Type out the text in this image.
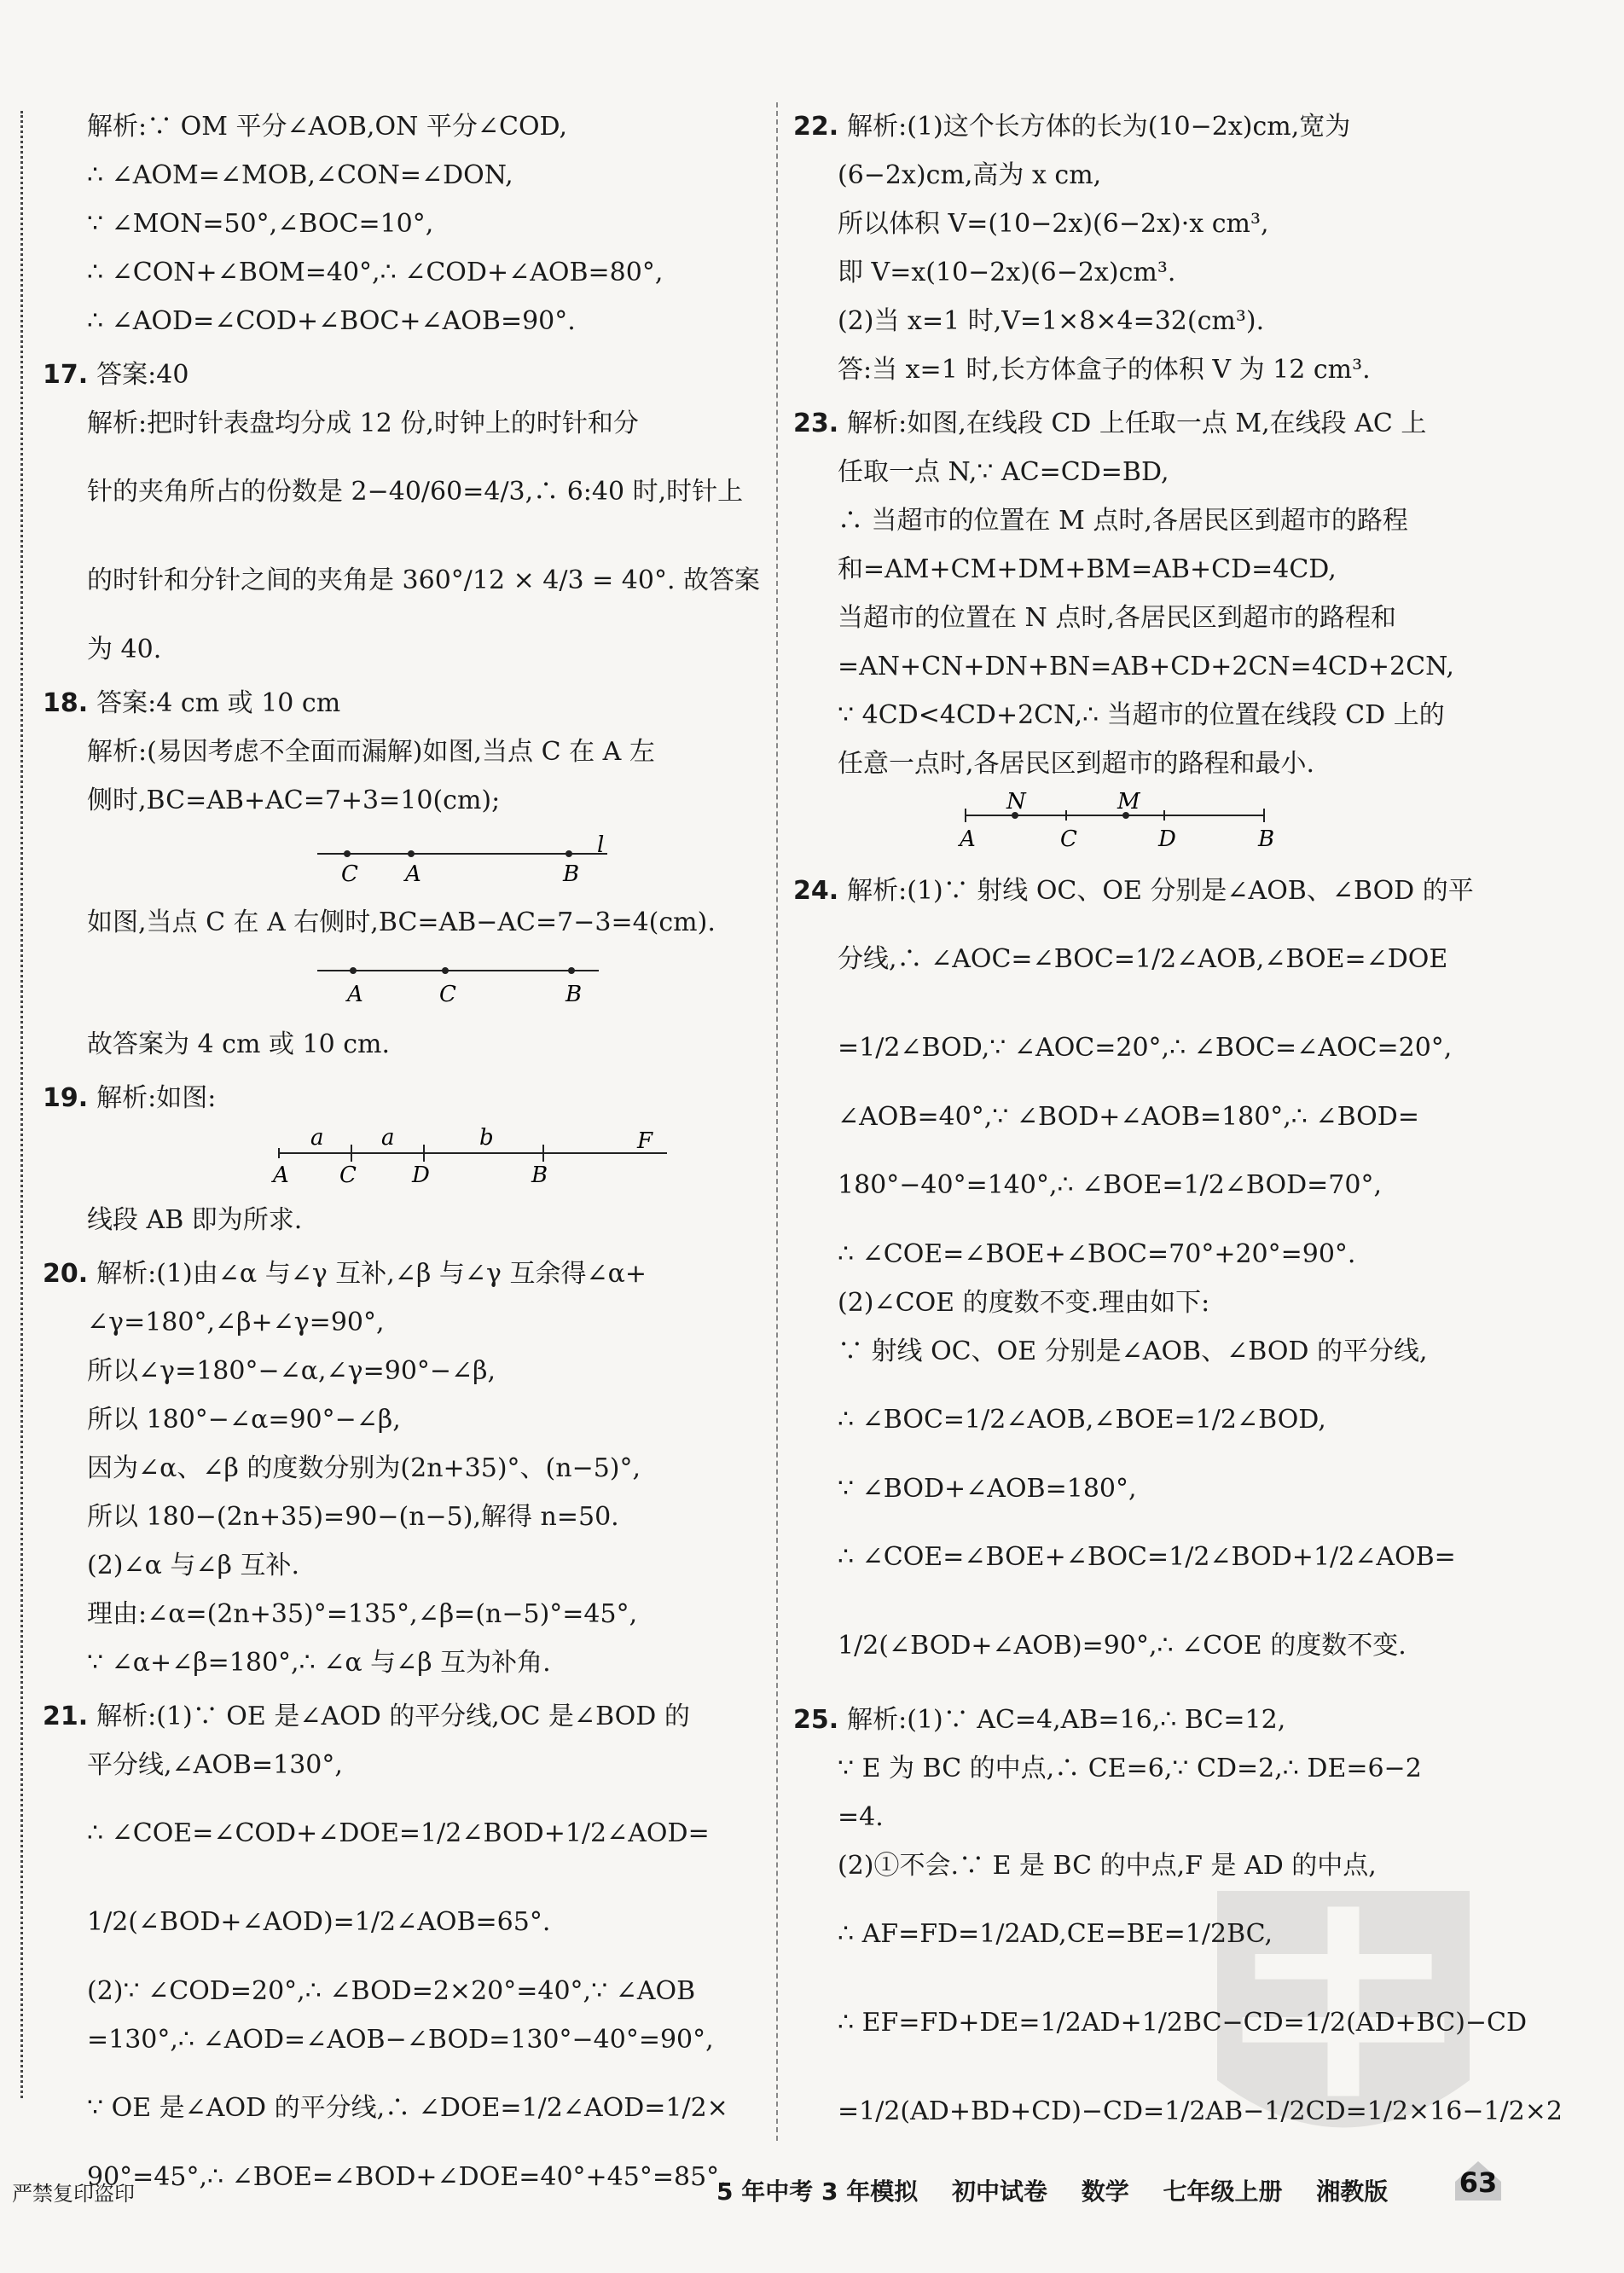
解析:∵ OM 平分∠AOB,ON 平分∠COD,
∴ ∠AOM=∠MOB,∠CON=∠DON,
∵ ∠MON=50°,∠BOC=10°,
∴ ∠CON+∠BOM=40°,∴ ∠COD+∠AOB=80°,
∴ ∠AOD=∠COD+∠BOC+∠AOB=90°.
17. 答案:40
解析:把时针表盘均分成 12 份,时钟上的时针和分
针的夹角所占的份数是 2−40/60=4/3,∴ 6:40 时,时针上
的时针和分针之间的夹角是 360°/12 × 4/3 = 40°. 故答案
为 40.
18. 答案:4 cm 或 10 cm
解析:(易因考虑不全面而漏解)如图,当点 C 在 A 左
侧时,BC=AB+AC=7+3=10(cm);
C A	B
l
如图,当点 C 在 A 右侧时,BC=AB−AC=7−3=4(cm).
A	C	B
故答案为 4 cm 或 10 cm.
19. 解析:如图:
a	a	b	F
A C	D	B
线段 AB 即为所求.
20. 解析:(1)由∠α 与∠γ 互补,∠β 与∠γ 互余得∠α+
∠γ=180°,∠β+∠γ=90°,
所以∠γ=180°−∠α,∠γ=90°−∠β,
所以 180°−∠α=90°−∠β,
因为∠α、∠β 的度数分别为(2n+35)°、(n−5)°,
所以 180−(2n+35)=90−(n−5),解得 n=50.
(2)∠α 与∠β 互补.
理由:∠α=(2n+35)°=135°,∠β=(n−5)°=45°,
∵ ∠α+∠β=180°,∴ ∠α 与∠β 互为补角.
21. 解析:(1)∵ OE 是∠AOD 的平分线,OC 是∠BOD 的
平分线,∠AOB=130°,
∴ ∠COE=∠COD+∠DOE=1/2∠BOD+1/2∠AOD=
1/2(∠BOD+∠AOD)=1/2∠AOB=65°.
(2)∵ ∠COD=20°,∴ ∠BOD=2×20°=40°,∵ ∠AOB
=130°,∴ ∠AOD=∠AOB−∠BOD=130°−40°=90°,
∵ OE 是∠AOD 的平分线,∴ ∠DOE=1/2∠AOD=1/2×
90°=45°,∴ ∠BOE=∠BOD+∠DOE=40°+45°=85°.
22. 解析:(1)这个长方体的长为(10−2x)cm,宽为
(6−2x)cm,高为 x cm,
所以体积 V=(10−2x)(6−2x)·x cm³,
即 V=x(10−2x)(6−2x)cm³.
(2)当 x=1 时,V=1×8×4=32(cm³).
答:当 x=1 时,长方体盒子的体积 V 为 12 cm³.
23. 解析:如图,在线段 CD 上任取一点 M,在线段 AC 上
任取一点 N,∵ AC=CD=BD,
∴ 当超市的位置在 M 点时,各居民区到超市的路程
和=AM+CM+DM+BM=AB+CD=4CD,
当超市的位置在 N 点时,各居民区到超市的路程和
=AN+CN+DN+BN=AB+CD+2CN=4CD+2CN,
∵ 4CD<4CD+2CN,∴ 当超市的位置在线段 CD 上的
任意一点时,各居民区到超市的路程和最小.
N	M
A	C	D	B
24. 解析:(1)∵ 射线 OC、OE 分别是∠AOB、∠BOD 的平
分线,∴ ∠AOC=∠BOC=1/2∠AOB,∠BOE=∠DOE
=1/2∠BOD,∵ ∠AOC=20°,∴ ∠BOC=∠AOC=20°,
∠AOB=40°,∵ ∠BOD+∠AOB=180°,∴ ∠BOD=
180°−40°=140°,∴ ∠BOE=1/2∠BOD=70°,
∴ ∠COE=∠BOE+∠BOC=70°+20°=90°.
(2)∠COE 的度数不变.理由如下:
∵ 射线 OC、OE 分别是∠AOB、∠BOD 的平分线,
∴ ∠BOC=1/2∠AOB,∠BOE=1/2∠BOD,
∵ ∠BOD+∠AOB=180°,
∴ ∠COE=∠BOE+∠BOC=1/2∠BOD+1/2∠AOB=
1/2(∠BOD+∠AOB)=90°,∴ ∠COE 的度数不变.
25. 解析:(1)∵ AC=4,AB=16,∴ BC=12,
∵ E 为 BC 的中点,∴ CE=6,∵ CD=2,∴ DE=6−2
=4.
(2)①不会.∵ E 是 BC 的中点,F 是 AD 的中点,
∴ AF=FD=1/2AD,CE=BE=1/2BC,
∴ EF=FD+DE=1/2AD+1/2BC−CD=1/2(AD+BC)−CD
=1/2(AD+BD+CD)−CD=1/2AB−1/2CD=1/2×16−1/2×2
严禁复印盗印	5 年中考 3 年模拟 初中试卷 数学 七年级上册 湘教版	63
